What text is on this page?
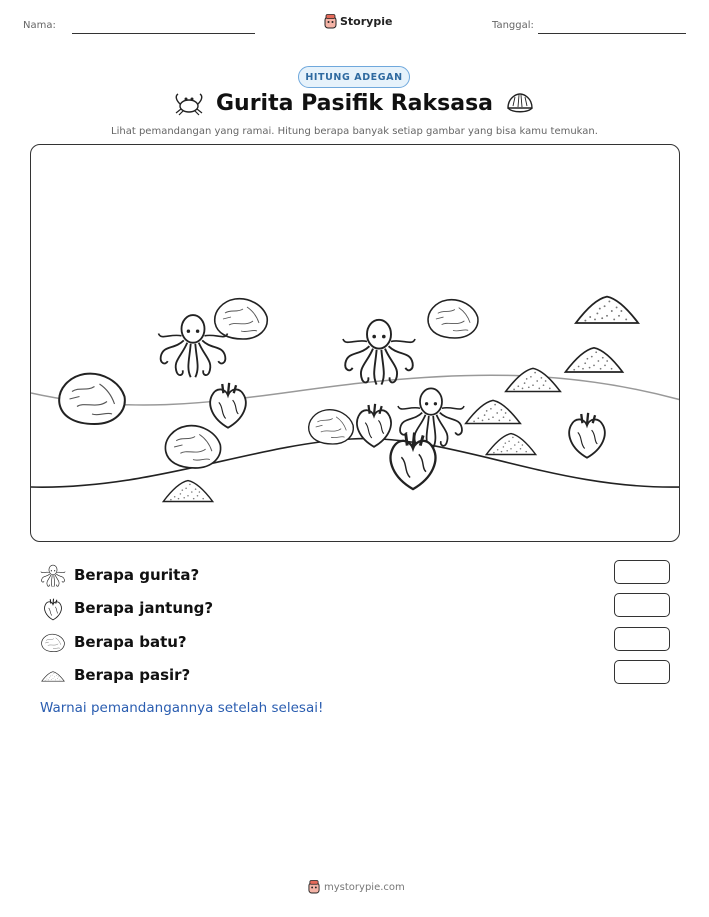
Nama:	Storypie	Tanggal:
HITUNG ADEGAN
Gurita Pasifik Raksasa
Lihat pemandangan yang ramai. Hitung berapa banyak setiap gambar yang bisa kamu temukan.
Berapa gurita?
Berapa jantung?
Berapa batu?
Berapa pasir?
Warnai pemandangannya setelah selesai!
mystorypie.com
